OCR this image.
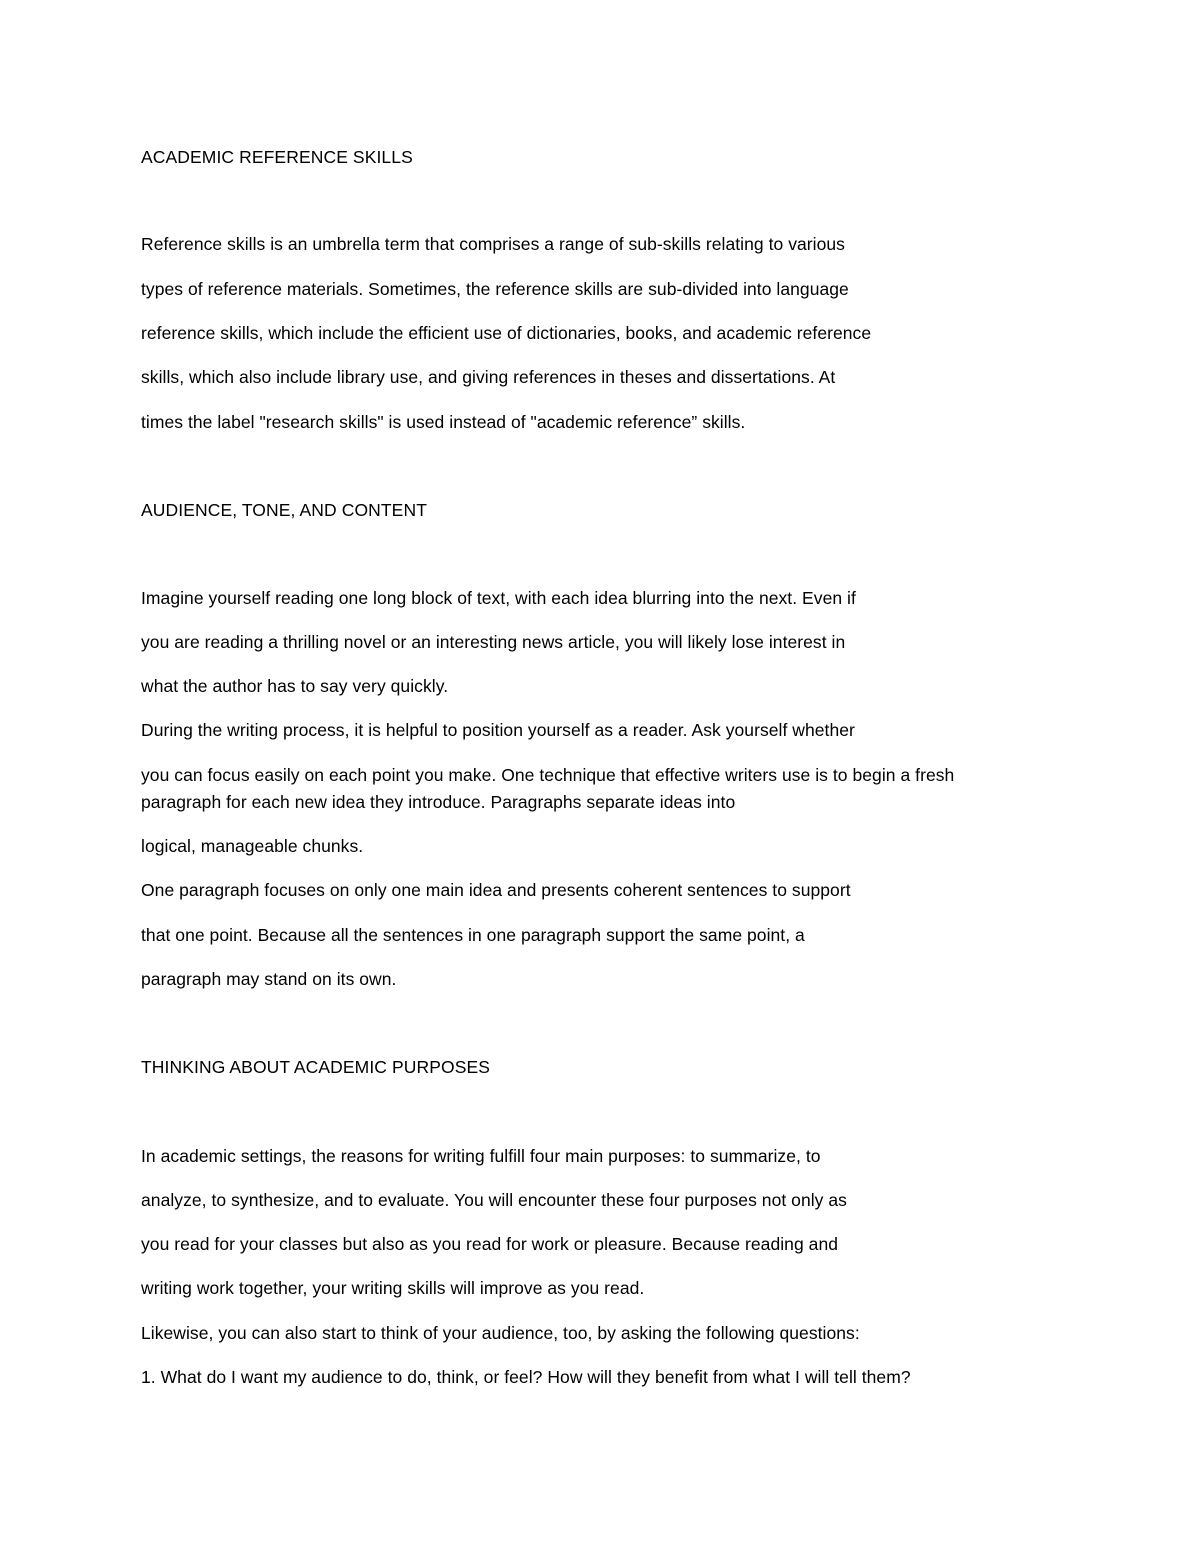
ACADEMIC REFERENCE SKILLS

Reference skills is an umbrella term that comprises a range of sub-skills relating to various

types of reference materials. Sometimes, the reference skills are sub-divided into language

reference skills, which include the efficient use of dictionaries, books, and academic reference

skills, which also include library use, and giving references in theses and dissertations. At

times the label "research skills" is used instead of "academic reference” skills.

AUDIENCE, TONE, AND CONTENT

Imagine yourself reading one long block of text, with each idea blurring into the next. Even if

you are reading a thrilling novel or an interesting news article, you will likely lose interest in

what the author has to say very quickly.

During the writing process, it is helpful to position yourself as a reader. Ask yourself whether

you can focus easily on each point you make. One technique that effective writers use is to begin a fresh

paragraph for each new idea they introduce. Paragraphs separate ideas into

logical, manageable chunks.

One paragraph focuses on only one main idea and presents coherent sentences to support

that one point. Because all the sentences in one paragraph support the same point, a

paragraph may stand on its own.

THINKING ABOUT ACADEMIC PURPOSES

In academic settings, the reasons for writing fulfill four main purposes: to summarize, to

analyze, to synthesize, and to evaluate. You will encounter these four purposes not only as

you read for your classes but also as you read for work or pleasure. Because reading and

writing work together, your writing skills will improve as you read.

Likewise, you can also start to think of your audience, too, by asking the following questions:

1. What do I want my audience to do, think, or feel? How will they benefit from what I will tell them?
